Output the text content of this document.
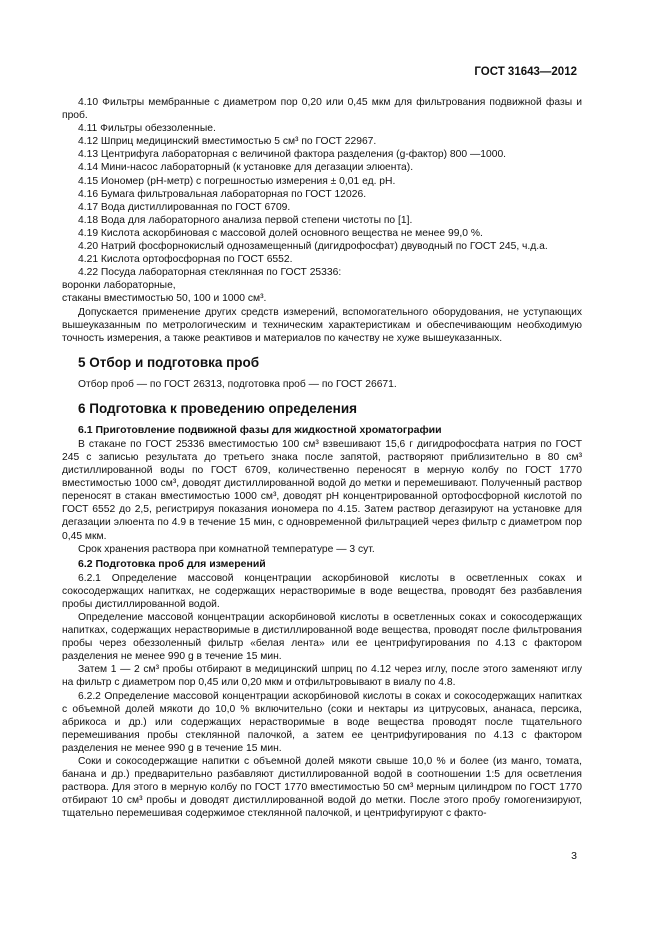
ГОСТ 31643—2012

4.10 Фильтры мембранные с диаметром пор 0,20 или 0,45 мкм для фильтрования подвижной фазы и проб.

4.11 Фильтры обеззоленные.

4.12 Шприц медицинский вместимостью 5 см³ по ГОСТ 22967.

4.13 Центрифуга лабораторная с величиной фактора разделения (g-фактор) 800 —1000.

4.14 Мини-насос лабораторный (к установке для дегазации элюента).

4.15 Иономер (рН-метр) с погрешностью измерения ± 0,01 ед. рН.

4.16 Бумага фильтровальная лабораторная по ГОСТ 12026.

4.17 Вода дистиллированная по ГОСТ 6709.

4.18 Вода для лабораторного анализа первой степени чистоты по [1].

4.19 Кислота аскорбиновая с массовой долей основного вещества не менее 99,0 %.

4.20 Натрий фосфорнокислый однозамещенный (дигидрофосфат) двуводный по ГОСТ 245, ч.д.а.

4.21 Кислота ортофосфорная по ГОСТ 6552.

4.22 Посуда лабораторная стеклянная по ГОСТ 25336:

воронки лабораторные,

стаканы вместимостью 50, 100 и 1000 см³.

Допускается применение других средств измерений, вспомогательного оборудования, не уступающих вышеуказанным по метрологическим и техническим характеристикам и обеспечивающим необходимую точность измерения, а также реактивов и материалов по качеству не хуже вышеуказанных.

5 Отбор и подготовка проб

Отбор проб — по ГОСТ 26313, подготовка проб — по ГОСТ 26671.

6 Подготовка к проведению определения
6.1 Приготовление подвижной фазы для жидкостной хроматографии

В стакане по ГОСТ 25336 вместимостью 100 см³ взвешивают 15,6 г дигидрофосфата натрия по ГОСТ 245 с записью результата до третьего знака после запятой, растворяют приблизительно в 80 см³ дистиллированной воды по ГОСТ 6709, количественно переносят в мерную колбу по ГОСТ 1770 вместимостью 1000 см³, доводят дистиллированной водой до метки и перемешивают. Полученный раствор переносят в стакан вместимостью 1000 см³, доводят рН концентрированной ортофосфорной кислотой по ГОСТ 6552 до 2,5, регистрируя показания иономера по 4.15. Затем раствор дегазируют на установке для дегазации элюента по 4.9 в течение 15 мин, с одновременной фильтрацией через фильтр с диаметром пор 0,45 мкм.

Срок хранения раствора при комнатной температуре — 3 сут.

6.2 Подготовка проб для измерений

6.2.1 Определение массовой концентрации аскорбиновой кислоты в осветленных соках и сокосодержащих напитках, не содержащих нерастворимые в воде вещества, проводят без разбавления пробы дистиллированной водой.

Определение массовой концентрации аскорбиновой кислоты в осветленных соках и сокосодержащих напитках, содержащих нерастворимые в дистиллированной воде вещества, проводят после фильтрования пробы через обеззоленный фильтр «белая лента» или ее центрифугирования по 4.13 с фактором разделения не менее 990 g в течение 15 мин.

Затем 1 — 2 см³ пробы отбирают в медицинский шприц по 4.12 через иглу, после этого заменяют иглу на фильтр с диаметром пор 0,45 или 0,20 мкм и отфильтровывают в виалу по 4.8.

6.2.2 Определение массовой концентрации аскорбиновой кислоты в соках и сокосодержащих напитках с объемной долей мякоти до 10,0 % включительно (соки и нектары из цитрусовых, ананаса, персика, абрикоса и др.) или содержащих нерастворимые в воде вещества проводят после тщательного перемешивания пробы стеклянной палочкой, а затем ее центрифугирования по 4.13 с фактором разделения не менее 990 g в течение 15 мин.

Соки и сокосодержащие напитки с объемной долей мякоти свыше 10,0 % и более (из манго, томата, банана и др.) предварительно разбавляют дистиллированной водой в соотношении 1:5 для осветления раствора. Для этого в мерную колбу по ГОСТ 1770 вместимостью 50 см³ мерным цилиндром по ГОСТ 1770 отбирают 10 см³ пробы и доводят дистиллированной водой до метки. После этого пробу гомогенизируют, тщательно перемешивая содержимое стеклянной палочкой, и центрифугируют с факто-

3
